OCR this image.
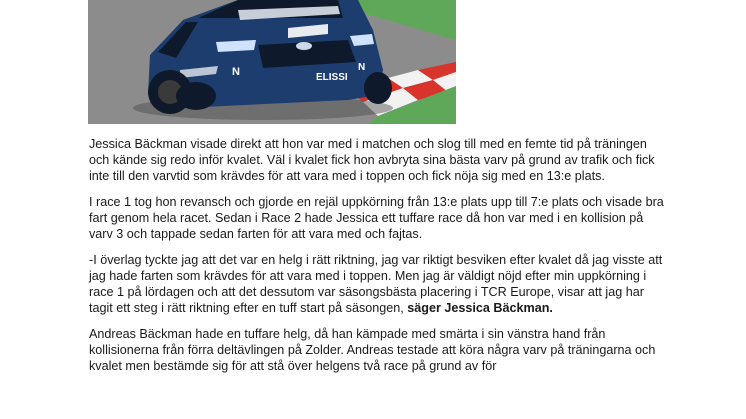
N	N
ELISSI

Jessica Bäckman visade direkt att hon var med i matchen och slog till med en femte tid på träningen och kände sig redo inför kvalet. Väl i kvalet fick hon avbryta sina bästa varv på grund av trafik och fick inte till den varvtid som krävdes för att vara med i toppen och fick nöja sig med en 13:e plats.

I race 1 tog hon revansch och gjorde en rejäl uppkörning från 13:e plats upp till 7:e plats och visade bra fart genom hela racet. Sedan i Race 2 hade Jessica ett tuffare race då hon var med i en kollision på varv 3 och tappade sedan farten för att vara med och fajtas.

-I överlag tyckte jag att det var en helg i rätt riktning, jag var riktigt besviken efter kvalet då jag visste att jag hade farten som krävdes för att vara med i toppen. Men jag är väldigt nöjd efter min uppkörning i race 1 på lördagen och att det dessutom var säsongsbästa placering i TCR Europe, visar att jag har tagit ett steg i rätt riktning efter en tuff start på säsongen, säger Jessica Bäckman.

Andreas Bäckman hade en tuffare helg, då han kämpade med smärta i sin vänstra hand från kollisionerna från förra deltävlingen på Zolder. Andreas testade att köra några varv på träningarna och kvalet men bestämde sig för att stå över helgens två race på grund av för
